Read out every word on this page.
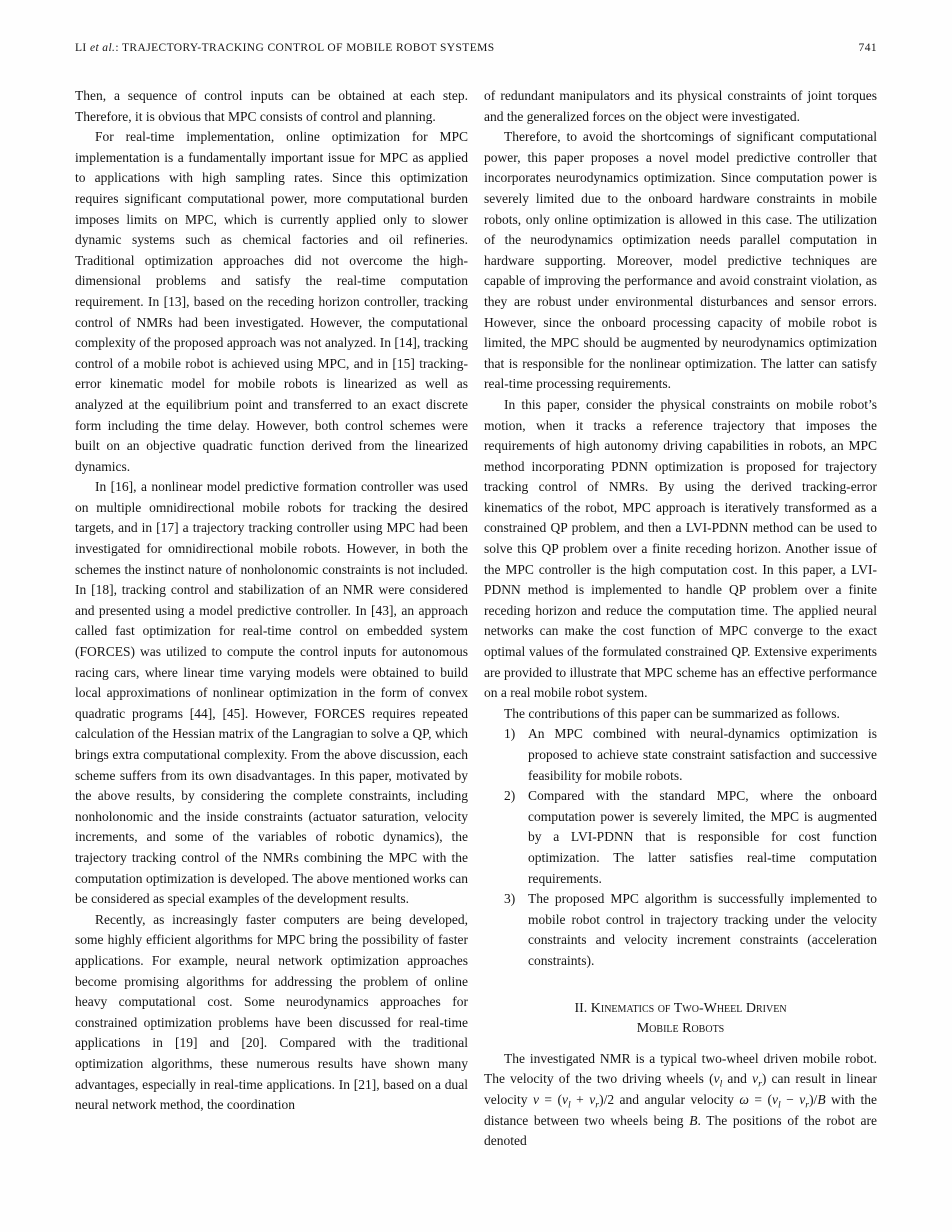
LI et al.: TRAJECTORY-TRACKING CONTROL OF MOBILE ROBOT SYSTEMS	741

Then, a sequence of control inputs can be obtained at each step. Therefore, it is obvious that MPC consists of control and planning.

For real-time implementation, online optimization for MPC implementation is a fundamentally important issue for MPC as applied to applications with high sampling rates. Since this optimization requires significant computational power, more computational burden imposes limits on MPC, which is currently applied only to slower dynamic systems such as chemical factories and oil refineries. Traditional optimization approaches did not overcome the high-dimensional problems and satisfy the real-time computation requirement. In [13], based on the receding horizon controller, tracking control of NMRs had been investigated. However, the computational complexity of the proposed approach was not analyzed. In [14], tracking control of a mobile robot is achieved using MPC, and in [15] tracking-error kinematic model for mobile robots is linearized as well as analyzed at the equilibrium point and transferred to an exact discrete form including the time delay. However, both control schemes were built on an objective quadratic function derived from the linearized dynamics.

In [16], a nonlinear model predictive formation controller was used on multiple omnidirectional mobile robots for tracking the desired targets, and in [17] a trajectory tracking controller using MPC had been investigated for omnidirectional mobile robots. However, in both the schemes the instinct nature of nonholonomic constraints is not included. In [18], tracking control and stabilization of an NMR were considered and presented using a model predictive controller. In [43], an approach called fast optimization for real-time control on embedded system (FORCES) was utilized to compute the control inputs for autonomous racing cars, where linear time varying models were obtained to build local approximations of nonlinear optimization in the form of convex quadratic programs [44], [45]. However, FORCES requires repeated calculation of the Hessian matrix of the Langragian to solve a QP, which brings extra computational complexity. From the above discussion, each scheme suffers from its own disadvantages. In this paper, motivated by the above results, by considering the complete constraints, including nonholonomic and the inside constraints (actuator saturation, velocity increments, and some of the variables of robotic dynamics), the trajectory tracking control of the NMRs combining the MPC with the computation optimization is developed. The above mentioned works can be considered as special examples of the development results.

Recently, as increasingly faster computers are being developed, some highly efficient algorithms for MPC bring the possibility of faster applications. For example, neural network optimization approaches become promising algorithms for addressing the problem of online heavy computational cost. Some neurodynamics approaches for constrained optimization problems have been discussed for real-time applications in [19] and [20]. Compared with the traditional optimization algorithms, these numerous results have shown many advantages, especially in real-time applications. In [21], based on a dual neural network method, the coordination

of redundant manipulators and its physical constraints of joint torques and the generalized forces on the object were investigated.

Therefore, to avoid the shortcomings of significant computational power, this paper proposes a novel model predictive controller that incorporates neurodynamics optimization. Since computation power is severely limited due to the onboard hardware constraints in mobile robots, only online optimization is allowed in this case. The utilization of the neurodynamics optimization needs parallel computation in hardware supporting. Moreover, model predictive techniques are capable of improving the performance and avoid constraint violation, as they are robust under environmental disturbances and sensor errors. However, since the onboard processing capacity of mobile robot is limited, the MPC should be augmented by neurodynamics optimization that is responsible for the nonlinear optimization. The latter can satisfy real-time processing requirements.

In this paper, consider the physical constraints on mobile robot’s motion, when it tracks a reference trajectory that imposes the requirements of high autonomy driving capabilities in robots, an MPC method incorporating PDNN optimization is proposed for trajectory tracking control of NMRs. By using the derived tracking-error kinematics of the robot, MPC approach is iteratively transformed as a constrained QP problem, and then a LVI-PDNN method can be used to solve this QP problem over a finite receding horizon. Another issue of the MPC controller is the high computation cost. In this paper, a LVI-PDNN method is implemented to handle QP problem over a finite receding horizon and reduce the computation time. The applied neural networks can make the cost function of MPC converge to the exact optimal values of the formulated constrained QP. Extensive experiments are provided to illustrate that MPC scheme has an effective performance on a real mobile robot system.

The contributions of this paper can be summarized as follows.

1) An MPC combined with neural-dynamics optimization is proposed to achieve state constraint satisfaction and successive feasibility for mobile robots.
2) Compared with the standard MPC, where the onboard computation power is severely limited, the MPC is augmented by a LVI-PDNN that is responsible for cost function optimization. The latter satisfies real-time computation requirements.
3) The proposed MPC algorithm is successfully implemented to mobile robot control in trajectory tracking under the velocity constraints and velocity increment constraints (acceleration constraints).
II. Kinematics of Two-Wheel Driven
Mobile Robots

The investigated NMR is a typical two-wheel driven mobile robot. The velocity of the two driving wheels ($v_l$ and $v_r$) can result in linear velocity $v = (v_l + v_r)/2$ and angular velocity $\omega = (v_l - v_r)/B$ with the distance between two wheels being B. The positions of the robot are denoted
